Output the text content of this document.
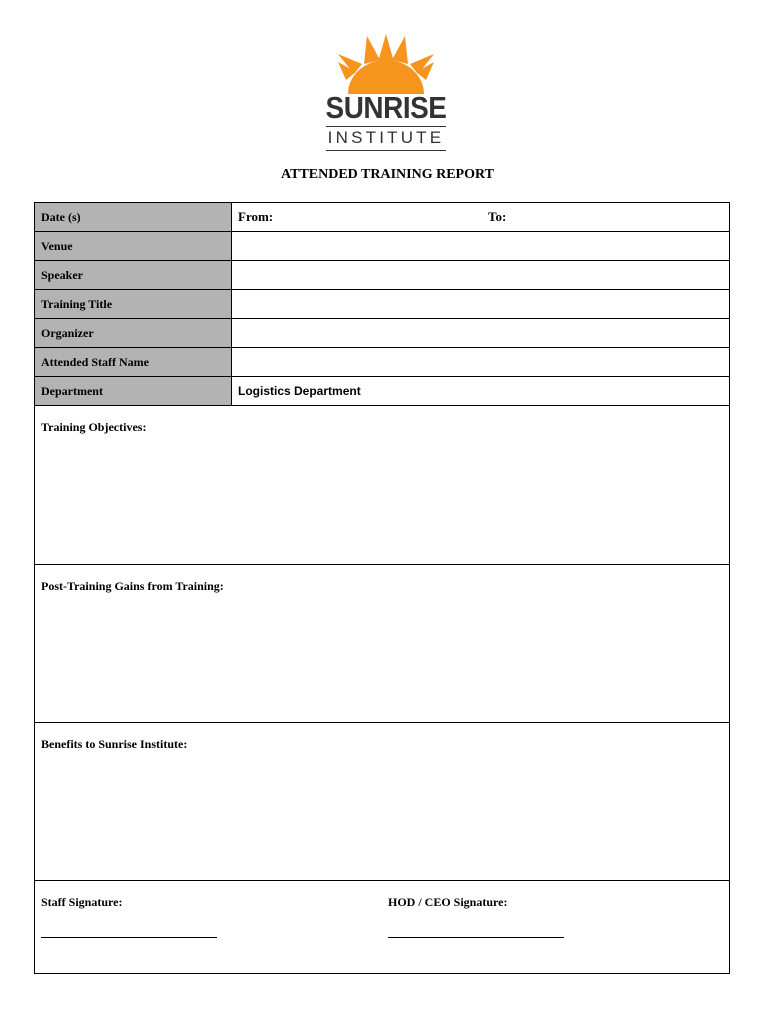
SUNRISE
INSTITUTE
ATTENDED TRAINING REPORT
Date (s)	From: To:

Venue	
Speaker	
Training Title	
Organizer	
Attended Staff Name	
Department	Logistics Department
Training Objectives:
Post-Training Gains from Training:
Benefits to Sunrise Institute:
Staff Signature:	HOD / CEO Signature:
